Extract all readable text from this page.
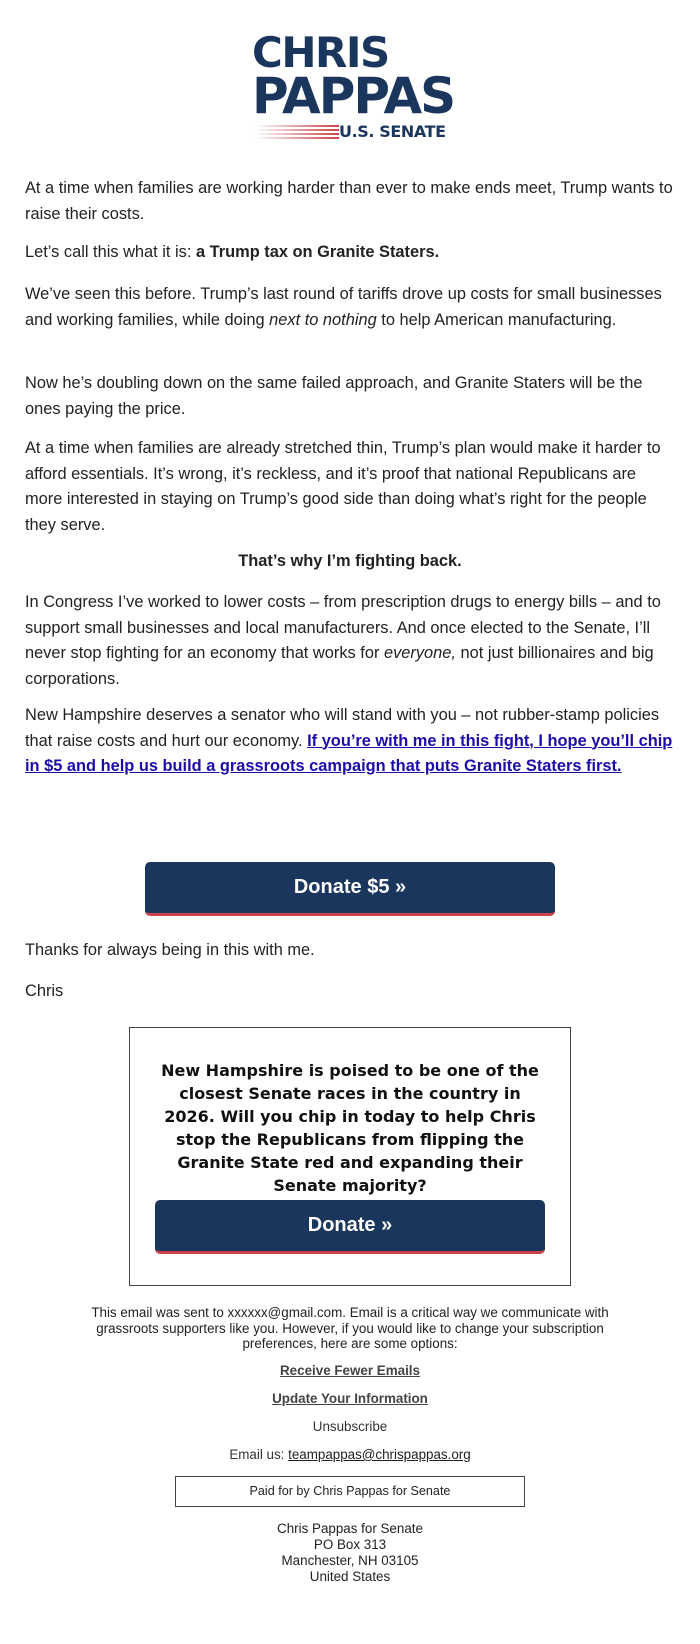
CHRIS
PAPPAS
U.S. SENATE

At a time when families are working harder than ever to make ends meet, Trump wants to raise their costs.

Let’s call this what it is: a Trump tax on Granite Staters.

We’ve seen this before. Trump’s last round of tariffs drove up costs for small businesses and working families, while doing next to nothing to help American manufacturing.

Now he’s doubling down on the same failed approach, and Granite Staters will be the ones paying the price.

At a time when families are already stretched thin, Trump’s plan would make it harder to afford essentials. It’s wrong, it’s reckless, and it’s proof that national Republicans are more interested in staying on Trump’s good side than doing what’s right for the people they serve.

That’s why I’m fighting back.

In Congress I’ve worked to lower costs – from prescription drugs to energy bills – and to support small businesses and local manufacturers. And once elected to the Senate, I’ll never stop fighting for an economy that works for everyone, not just billionaires and big corporations.

New Hampshire deserves a senator who will stand with you – not rubber-stamp policies that raise costs and hurt our economy. If you’re with me in this fight, I hope you’ll chip in $5 and help us build a grassroots campaign that puts Granite Staters first.

Donate $5 »

Thanks for always being in this with me.

Chris

New Hampshire is poised to be one of the closest Senate races in the country in 2026. Will you chip in today to help Chris stop the Republicans from flipping the Granite State red and expanding their Senate majority?

Donate »

This email was sent to xxxxxx@gmail.com. Email is a critical way we communicate with grassroots supporters like you. However, if you would like to change your subscription preferences, here are some options:

Receive Fewer Emails
Update Your Information
Unsubscribe
Email us: teampappas@chrispappas.org
Paid for by Chris Pappas for Senate
Chris Pappas for Senate
PO Box 313
Manchester, NH 03105
United States
